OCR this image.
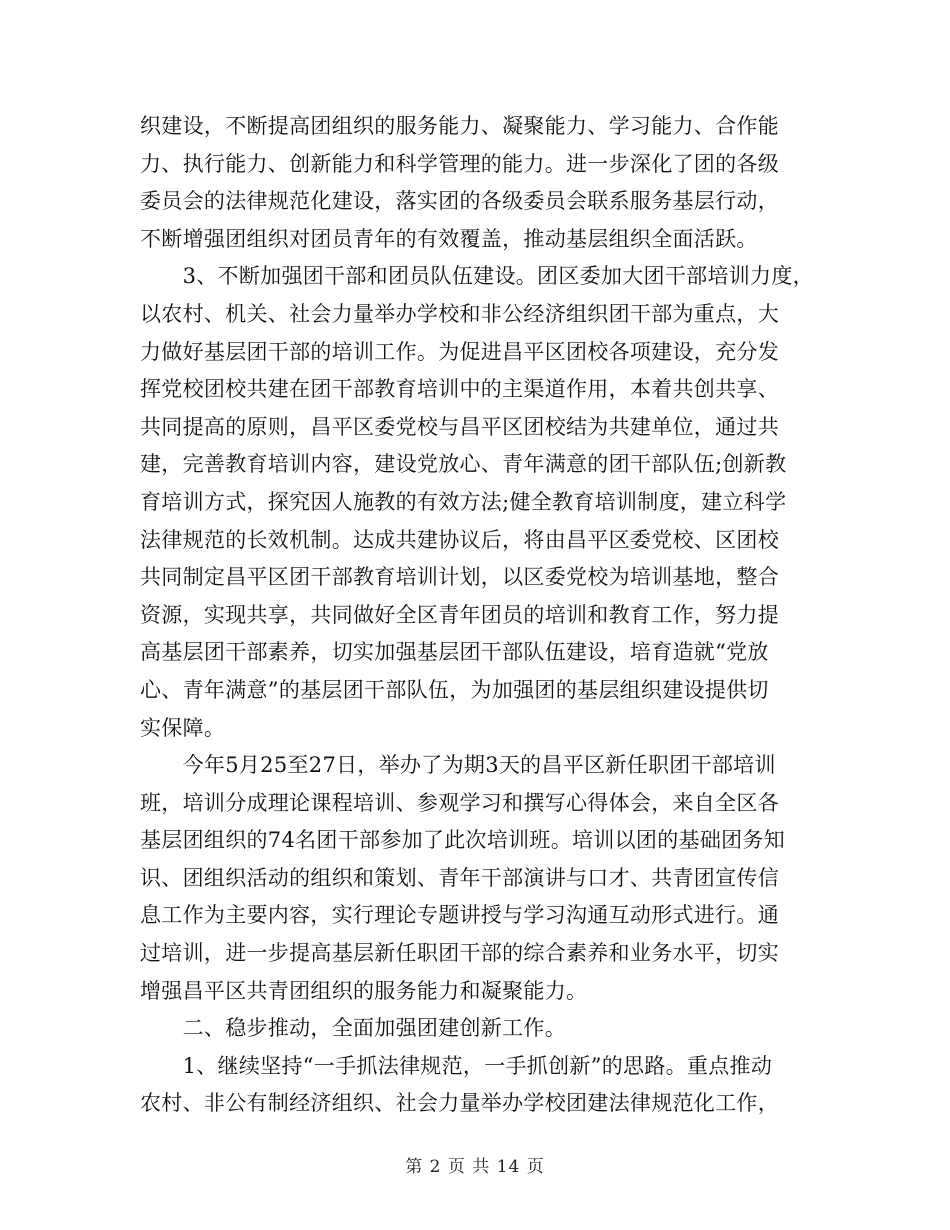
织建设，不断提高团组织的服务能力、凝聚能力、学习能力、合作能
力、执行能力、创新能力和科学管理的能力。进一步深化了团的各级
委员会的法律规范化建设，落实团的各级委员会联系服务基层行动，
不断增强团组织对团员青年的有效覆盖，推动基层组织全面活跃。
　　3、不断加强团干部和团员队伍建设。团区委加大团干部培训力度，
以农村、机关、社会力量举办学校和非公经济组织团干部为重点，大
力做好基层团干部的培训工作。为促进昌平区团校各项建设，充分发
挥党校团校共建在团干部教育培训中的主渠道作用，本着共创共享、
共同提高的原则，昌平区委党校与昌平区团校结为共建单位，通过共
建，完善教育培训内容，建设党放心、青年满意的团干部队伍;创新教
育培训方式，探究因人施教的有效方法;健全教育培训制度，建立科学
法律规范的长效机制。达成共建协议后，将由昌平区委党校、区团校
共同制定昌平区团干部教育培训计划，以区委党校为培训基地，整合
资源，实现共享，共同做好全区青年团员的培训和教育工作，努力提
高基层团干部素养，切实加强基层团干部队伍建设，培育造就“党放
心、青年满意”的基层团干部队伍，为加强团的基层组织建设提供切
实保障。
　　今年5月25至27日，举办了为期3天的昌平区新任职团干部培训
班，培训分成理论课程培训、参观学习和撰写心得体会，来自全区各
基层团组织的74名团干部参加了此次培训班。培训以团的基础团务知
识、团组织活动的组织和策划、青年干部演讲与口才、共青团宣传信
息工作为主要内容，实行理论专题讲授与学习沟通互动形式进行。通
过培训，进一步提高基层新任职团干部的综合素养和业务水平，切实
增强昌平区共青团组织的服务能力和凝聚能力。
　　二、稳步推动，全面加强团建创新工作。
　　1、继续坚持“一手抓法律规范，一手抓创新”的思路。重点推动
农村、非公有制经济组织、社会力量举办学校团建法律规范化工作，
第 2 页 共 14 页
